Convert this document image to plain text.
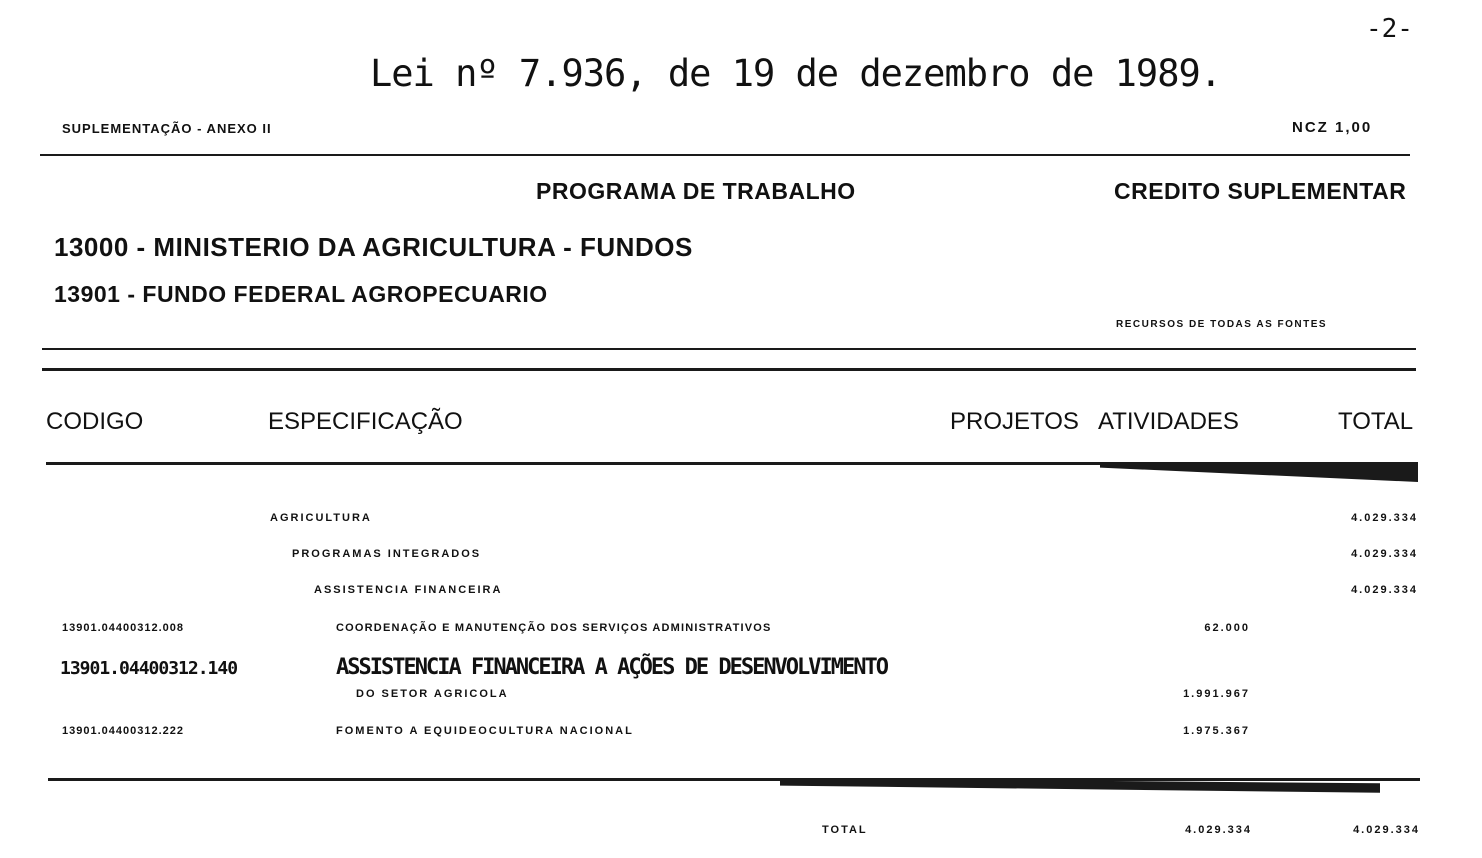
-2-
Lei nº 7.936, de 19 de dezembro de 1989.
SUPLEMENTAÇÃO - ANEXO II	NCZ 1,00
PROGRAMA DE TRABALHO	CREDITO SUPLEMENTAR
13000 - MINISTERIO DA AGRICULTURA - FUNDOS
13901 - FUNDO FEDERAL AGROPECUARIO
RECURSOS DE TODAS AS FONTES
CODIGO	ESPECIFICAÇÃO	PROJETOS ATIVIDADES	TOTAL
AGRICULTURA	4.029.334
PROGRAMAS INTEGRADOS	4.029.334
ASSISTENCIA FINANCEIRA	4.029.334
13901.04400312.008	COORDENAÇÃO E MANUTENÇÃO DOS SERVIÇOS ADMINISTRATIVOS	62.000
13901.04400312.140	ASSISTENCIA FINANCEIRA A AÇÕES DE DESENVOLVIMENTO
DO SETOR AGRICOLA	1.991.967
13901.04400312.222	FOMENTO A EQUIDEOCULTURA NACIONAL	1.975.367
TOTAL	4.029.334	4.029.334
